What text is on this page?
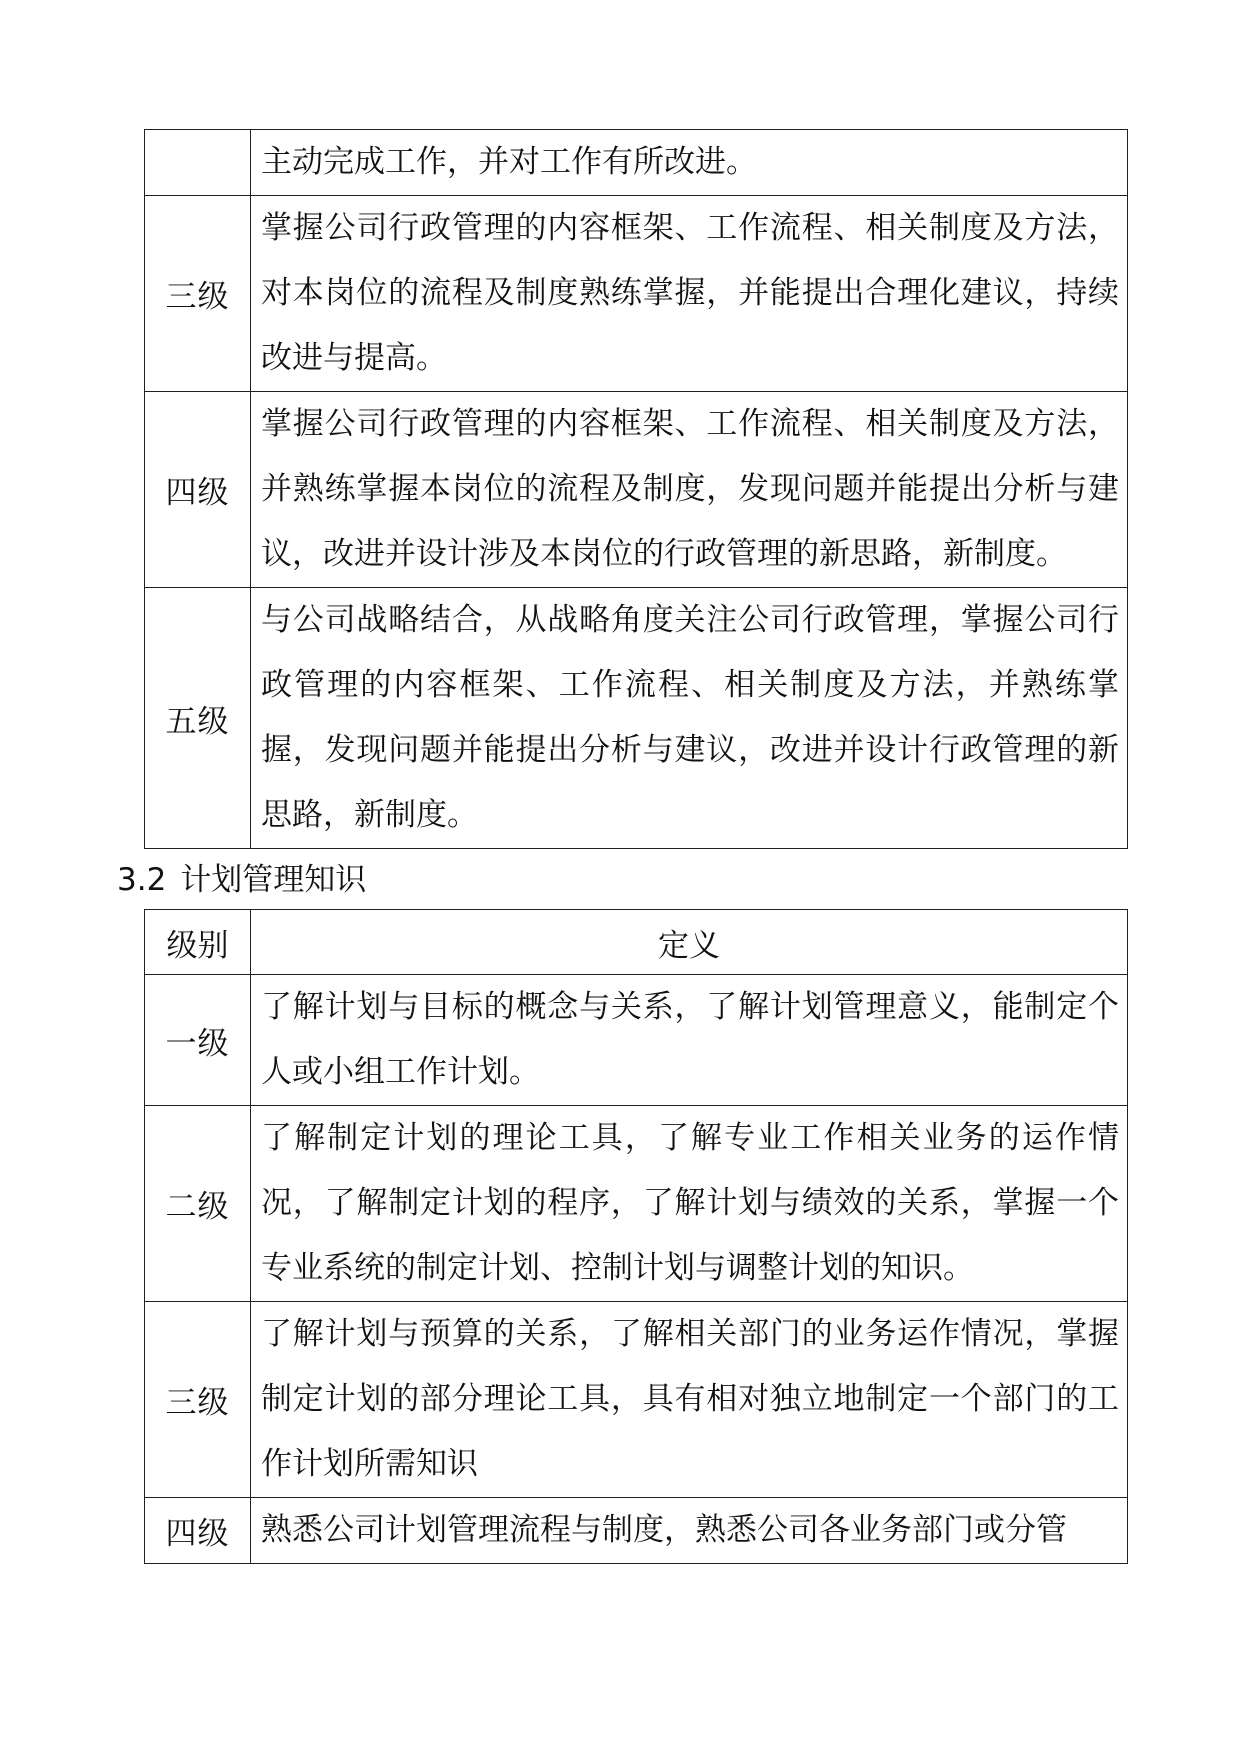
	主动完成工作，并对工作有所改进。
三级	掌握公司行政管理的内容框架、工作流程、相关制度及方法，对本岗位的流程及制度熟练掌握，并能提出合理化建议，持续改进与提高。
四级	掌握公司行政管理的内容框架、工作流程、相关制度及方法，并熟练掌握本岗位的流程及制度，发现问题并能提出分析与建议，改进并设计涉及本岗位的行政管理的新思路，新制度。
五级	与公司战略结合，从战略角度关注公司行政管理，掌握公司行政管理的内容框架、工作流程、相关制度及方法，并熟练掌握，发现问题并能提出分析与建议，改进并设计行政管理的新思路，新制度。
3.2 计划管理知识
级别	定义
一级	了解计划与目标的概念与关系，了解计划管理意义，能制定个人或小组工作计划。
二级	了解制定计划的理论工具，了解专业工作相关业务的运作情况，了解制定计划的程序，了解计划与绩效的关系，掌握一个专业系统的制定计划、控制计划与调整计划的知识。
三级	了解计划与预算的关系，了解相关部门的业务运作情况，掌握制定计划的部分理论工具，具有相对独立地制定一个部门的工作计划所需知识
四级	熟悉公司计划管理流程与制度，熟悉公司各业务部门或分管
